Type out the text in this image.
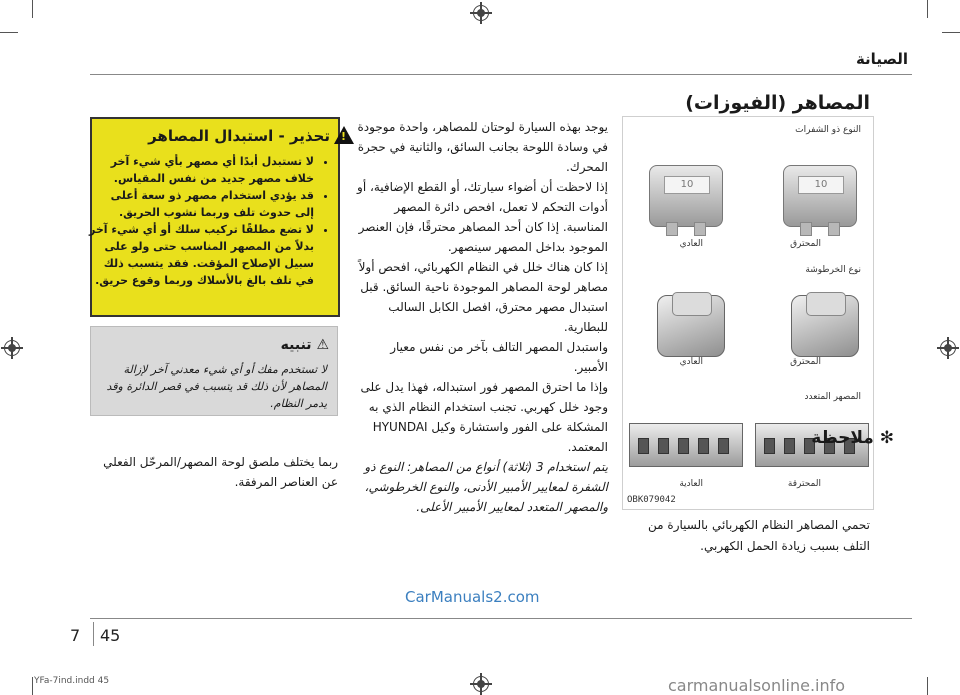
الصيانة
المصاهر (الفيوزات)
النوع ذو الشفرات
10
10
المحترق
العادي
نوع الخرطوشة
المحترق
العادي
المصهر المتعدد
المحترقة
العادية
OBK079042
تحمي المصاهر النظام الكهربائي بالسيارة من التلف بسبب زيادة الحمل الكهربي.

يوجد بهذه السيارة لوحتان للمصاهر، واحدة موجودة في وسادة اللوحة بجانب السائق، والثانية في حجرة المحرك.

إذا لاحظت أن أضواء سيارتك، أو القطع الإضافية، أو أدوات التحكم لا تعمل، افحص دائرة المصهر المناسبة. إذا كان أحد المصاهر محترقًا، فإن العنصر الموجود بداخل المصهر سينصهر.

إذا كان هناك خلل في النظام الكهربائي، افحص أولاً مصاهر لوحة المصاهر الموجودة ناحية السائق. قبل استبدال مصهر محترق، افصل الكابل السالب للبطارية.

واستبدل المصهر التالف بآخر من نفس معيار الأمبير.

وإذا ما احترق المصهر فور استبداله، فهذا يدل على وجود خلل كهربي. تجنب استخدام النظام الذي به المشكلة على الفور واستشارة وكيل HYUNDAI المعتمد.

يتم استخدام 3 (ثلاثة) أنواع من المصاهر: النوع ذو الشفرة لمعايير الأمبير الأدنى، والنوع الخرطوشي، والمصهر المتعدد لمعايير الأمبير الأعلى.

!
تحذير - استبدال المصاهر
• لا تستبدل أبدًا أي مصهر بأي شيء آخر خلاف مصهر جديد من نفس المقياس.
• قد يؤدي استخدام مصهر ذو سعة أعلى إلى حدوث تلف وربما نشوب الحريق.
• لا تضع مطلقًا تركيب سلك أو أي شيء آخر بدلاً من المصهر المناسب حتى ولو على سبيل الإصلاح المؤقت. فقد يتسبب ذلك في تلف بالغ بالأسلاك وربما وقوع حريق.
⚠ تنبيه
لا تستخدم مفك أو أي شيء معدني آخر لإزالة المصاهر لأن ذلك قد يتسبب في قصر الدائرة وقد يدمر النظام.
✻ ملاحظة
ربما يختلف ملصق لوحة المصهر/المرحّل الفعلي عن العناصر المرفقة.
CarManuals2.com
7 45
YFa-7ind.indd 45	carmanualsonline.info
